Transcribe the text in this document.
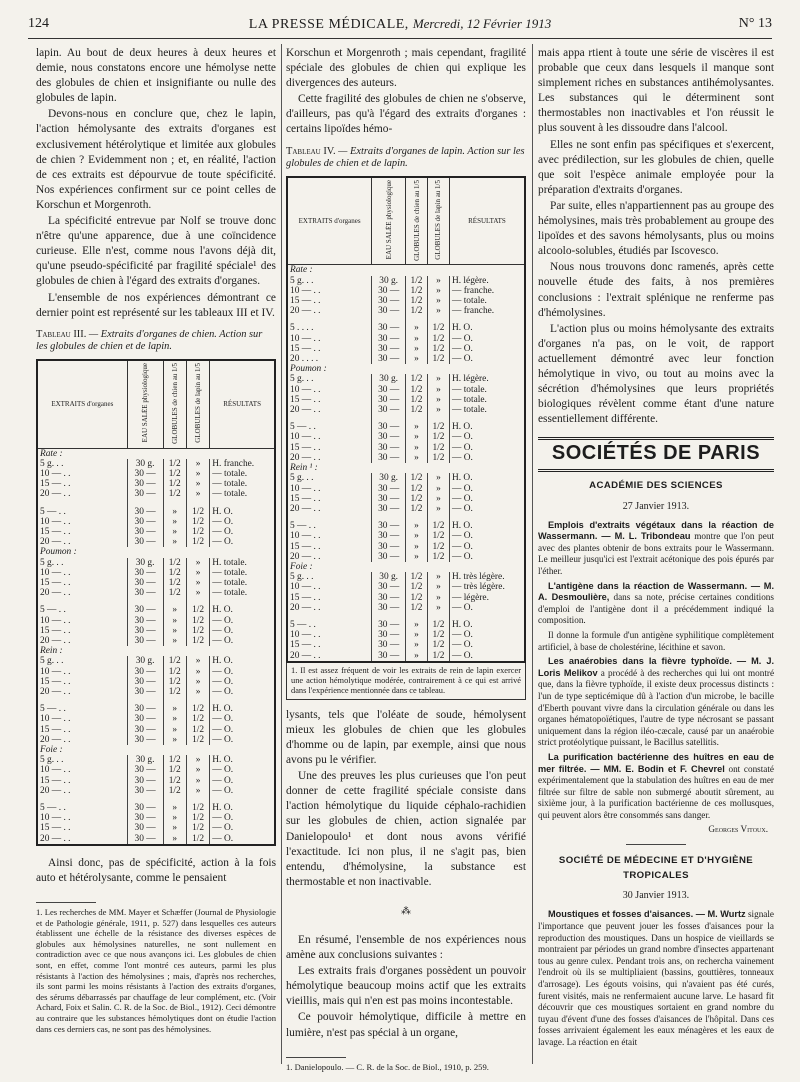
124	LA PRESSE MÉDICALE, Mercredi, 12 Février 1913	N° 13

lapin. Au bout de deux heures à deux heures et demie, nous constatons encore une hémolyse nette des globules de chien et insignifiante ou nulle des globules de lapin.

Devons-nous en conclure que, chez le lapin, l'action hémolysante des extraits d'organes est exclusivement hétérolytique et limitée aux globules de chien ? Evidemment non ; et, en réalité, l'action de ces extraits est dépourvue de toute spécificité. Nos expériences confirment sur ce point celles de Korschun et Morgenroth.

La spécificité entrevue par Nolf se trouve donc n'être qu'une apparence, due à une coïncidence curieuse. Elle n'est, comme nous l'avons déjà dit, qu'une pseudo-spécificité par fragilité spéciale¹ des globules de chien à l'égard des extraits d'organes.

L'ensemble de nos expériences démontrant ce dernier point est représenté sur les tableaux III et IV.

Tableau III. — Extraits d'organes de chien. Action sur les globules de chien et de lapin.
EXTRAITS d'organes	EAU SALÉE physiologique	GLOBULES de chien au 1/5	GLOBULES de lapin au 1/5	RÉSULTATS
Rate :				
5 g. . .	30 g.	1/2	»	H. franche.
10 — . .	30 —	1/2	»	— totale.
15 — . .	30 —	1/2	»	— totale.
20 — . .	30 —	1/2	»	— totale.

5 — . .	30 —	»	1/2	H. O.
10 — . .	30 —	»	1/2	— O.
15 — . .	30 —	»	1/2	— O.
20 — . .	30 —	»	1/2	— O.
Poumon :				
5 g. . .	30 g.	1/2	»	H. totale.
10 — . .	30 —	1/2	»	— totale.
15 — . .	30 —	1/2	»	— totale.
20 — . .	30 —	1/2	»	— totale.

5 — . .	30 —	»	1/2	H. O.
10 — . .	30 —	»	1/2	— O.
15 — . .	30 —	»	1/2	— O.
20 — . .	30 —	»	1/2	— O.
Rein :				
5 g. . .	30 g.	1/2	»	H. O.
10 — . .	30 —	1/2	»	— O.
15 — . .	30 —	1/2	»	— O.
20 — . .	30 —	1/2	»	— O.

5 — . .	30 —	»	1/2	H. O.
10 — . .	30 —	»	1/2	— O.
15 — . .	30 —	»	1/2	— O.
20 — . .	30 —	»	1/2	— O.
Foie :				
5 g. . .	30 g.	1/2	»	H. O.
10 — . .	30 —	1/2	»	— O.
15 — . .	30 —	1/2	»	— O.
20 — . .	30 —	1/2	»	— O.

5 — . .	30 —	»	1/2	H. O.
10 — . .	30 —	»	1/2	— O.
15 — . .	30 —	»	1/2	— O.
20 — . .	30 —	»	1/2	— O.

Ainsi donc, pas de spécificité, action à la fois auto et hétérolysante, comme le pensaient

1. Les recherches de MM. Mayer et Schæffer (Journal de Physiologie et de Pathologie générale, 1911, p. 527) dans lesquelles ces auteurs établissent une échelle de la résistance des diverses espèces de globules aux hémolysines naturelles, ne sont nullement en contradiction avec ce que nous avançons ici. Les globules de chien sont, en effet, comme l'ont montré ces auteurs, parmi les plus résistants à l'action des hémolysines ; mais, d'après nos recherches, ils sont parmi les moins résistants à l'action des extraits d'organes, des sérums débarrassés par chauffage de leur complément, etc. (Voir Achard, Foix et Salin. C. R. de la Soc. de Biol., 1912). Ceci démontre au contraire que les substances hémolytiques dont on étudie l'action dans ces derniers cas, ne sont pas des hémolysines.

Korschun et Morgenroth ; mais cependant, fragilité spéciale des globules de chien qui explique les divergences des auteurs.

Cette fragilité des globules de chien ne s'observe, d'ailleurs, pas qu'à l'égard des extraits d'organes : certains lipoïdes hémo-

Tableau IV. — Extraits d'organes de lapin. Action sur les globules de chien et de lapin.
EXTRAITS d'organes	EAU SALÉE physiologique	GLOBULES de chien au 1/5	GLOBULES de lapin au 1/5	RÉSULTATS
Rate :				
5 g. . .	30 g.	1/2	»	H. légère.
10 — . .	30 —	1/2	»	— franche.
15 — . .	30 —	1/2	»	— totale.
20 — . .	30 —	1/2	»	— franche.

5 . . . .	30 —	»	1/2	H. O.
10 — . .	30 —	»	1/2	— O.
15 — . .	30 —	»	1/2	— O.
20 . . . .	30 —	»	1/2	— O.
Poumon :				
5 g. . .	30 g.	1/2	»	H. légère.
10 — . .	30 —	1/2	»	— totale.
15 — . .	30 —	1/2	»	— totale.
20 — . .	30 —	1/2	»	— totale.

5 — . .	30 —	»	1/2	H. O.
10 — . .	30 —	»	1/2	— O.
15 — . .	30 —	»	1/2	— O.
20 — . .	30 —	»	1/2	— O.
Rein ¹ :				
5 g. . .	30 g.	1/2	»	H. O.
10 — . .	30 —	1/2	»	— O.
15 — . .	30 —	1/2	»	— O.
20 — . .	30 —	1/2	»	— O.

5 — . .	30 —	»	1/2	H. O.
10 — . .	30 —	»	1/2	— O.
15 — . .	30 —	»	1/2	— O.
20 — . .	30 —	»	1/2	— O.
Foie :				
5 g. . .	30 g.	1/2	»	H. très légère.
10 — . .	30 —	1/2	»	— très légère.
15 — . .	30 —	1/2	»	— légère.
20 — . .	30 —	1/2	»	— O.

5 — . .	30 —	»	1/2	H. O.
10 — . .	30 —	»	1/2	— O.
15 — . .	30 —	»	1/2	— O.
20 — . .	30 —	»	1/2	— O.
1. Il est assez fréquent de voir les extraits de rein de lapin exercer une action hémolytique modérée, contrairement à ce qui est arrivé dans l'expérience mentionnée dans ce tableau.

lysants, tels que l'oléate de soude, hémolysent mieux les globules de chien que les globules d'homme ou de lapin, par exemple, ainsi que nous avons pu le vérifier.

Une des preuves les plus curieuses que l'on peut donner de cette fragilité spéciale consiste dans l'action hémolytique du liquide céphalo-rachidien sur les globules de chien, action signalée par Danielopoulo¹ et dont nous avons vérifié l'exactitude. Ici non plus, il ne s'agit pas, bien entendu, d'hémolysine, la substance est thermostable et non inactivable.

⁂

En résumé, l'ensemble de nos expériences nous amène aux conclusions suivantes :

Les extraits frais d'organes possèdent un pouvoir hémolytique beaucoup moins actif que les extraits vieillis, mais qui n'en est pas moins incontestable.

Ce pouvoir hémolytique, difficile à mettre en lumière, n'est pas spécial à un organe,

1. Danielopoulo. — C. R. de la Soc. de Biol., 1910, p. 259.

mais appa rtient à toute une série de viscères il est probable que ceux dans lesquels il manque sont simplement riches en substances antihémolysantes. Les substances qui le déterminent sont thermostables non inactivables et l'on réussit le plus souvent à les dissoudre dans l'alcool.

Elles ne sont enfin pas spécifiques et s'exercent, avec prédilection, sur les globules de chien, quelle que soit l'espèce animale employée pour la préparation d'extraits d'organes.

Par suite, elles n'appartiennent pas au groupe des hémolysines, mais très probablement au groupe des lipoïdes et des savons hémolysants, plus ou moins alcoolo-solubles, étudiés par Iscovesco.

Nous nous trouvons donc ramenés, après cette nouvelle étude des faits, à nos premières conclusions : l'extrait splénique ne renferme pas d'hémolysines.

L'action plus ou moins hémolysante des extraits d'organes n'a pas, on le voit, de rapport actuellement démontré avec leur fonction hémolytique in vivo, ou tout au moins avec la sécrétion d'hémolysines que leurs propriétés biologiques révèlent comme étant d'une nature essentiellement différente.

SOCIÉTÉS DE PARIS
ACADÉMIE DES SCIENCES
27 Janvier 1913.

Emplois d'extraits végétaux dans la réaction de Wassermann. — M. L. Tribondeau montre que l'on peut avec des plantes obtenir de bons extraits pour le Wassermann. Le meilleur jusqu'ici est l'extrait acétonique des pois épurés par l'éther.

L'antigène dans la réaction de Wassermann. — M. A. Desmoulière, dans sa note, précise certaines conditions d'emploi de l'antigène dont il a précédemment indiqué la composition.

Il donne la formule d'un antigène syphilitique complètement artificiel, à base de cholestérine, lécithine et savon.

Les anaérobies dans la fièvre typhoïde. — M. J. Loris Melikov a procédé à des recherches qui lui ont montré que, dans la fièvre typhoïde, il existe deux processus distincts : l'un de type septicémique dû à l'action d'un microbe, le bacille d'Eberth pouvant vivre dans la circulation générale ou dans les organes hématopoïétiques, l'autre de type nécrosant se passant uniquement dans la région iléo-cæcale, causé par un anaérobie strict protéolytique puissant, le Bacillus satellitis.

La purification bactérienne des huîtres en eau de mer filtrée. — MM. E. Bodin et F. Chevrel ont constaté expérimentalement que la stabulation des huîtres en eau de mer filtrée sur filtre de sable non submergé aboutit sûrement, au sixième jour, à la purification bactérienne de ces mollusques, qui peuvent alors être consommés sans danger.

Georges Vitoux.

SOCIÉTÉ DE MÉDECINE ET D'HYGIÈNE TROPICALES
30 Janvier 1913.

Moustiques et fosses d'aisances. — M. Wurtz signale l'importance que peuvent jouer les fosses d'aisances pour la reproduction des moustiques. Dans un hospice de vieillards se montraient par périodes un grand nombre d'insectes appartenant tous au genre culex. Pendant trois ans, on rechercha vainement l'endroit où ils se multipliaient (bassins, gouttières, tonneaux d'arrosage). Les égouts voisins, qui n'avaient pas été curés, furent visités, mais ne renfermaient aucune larve. Le hasard fit découvrir que ces moustiques sortaient en grand nombre du tuyau d'évent d'une des fosses d'aisances de l'hôpital. Dans ces fosses arrivaient également les eaux ménagères et les eaux de lavage. La réaction en était
